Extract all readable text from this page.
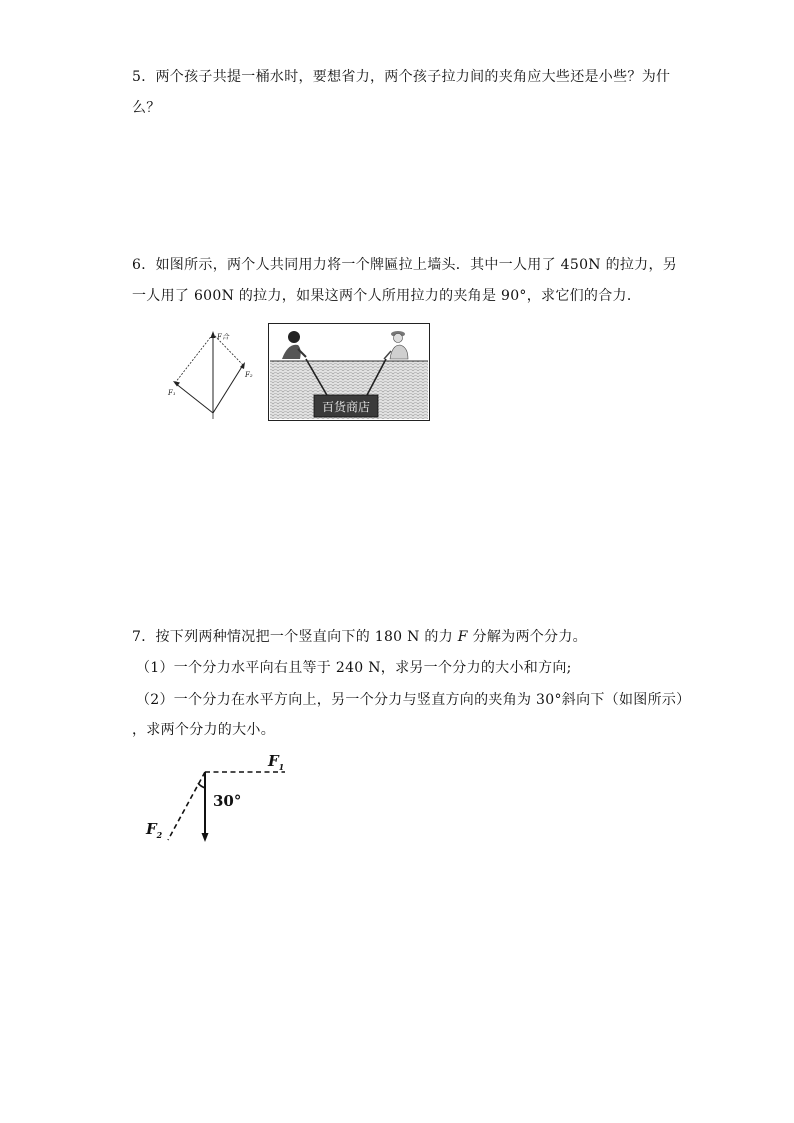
5．两个孩子共提一桶水时，要想省力，两个孩子拉力间的夹角应大些还是小些？为什
么？
6．如图所示，两个人共同用力将一个牌匾拉上墙头．其中一人用了 450N 的拉力，另
一人用了 600N 的拉力，如果这两个人所用拉力的夹角是 90°，求它们的合力．
F合
F₁
F₂
百货商店
7．按下列两种情况把一个竖直向下的 180 N 的力 F 分解为两个分力。
（1）一个分力水平向右且等于 240 N，求另一个分力的大小和方向;
（2）一个分力在水平方向上，另一个分力与竖直方向的夹角为 30°斜向下（如图所示）
，求两个分力的大小。
30°
$F_1$
$F_2$
